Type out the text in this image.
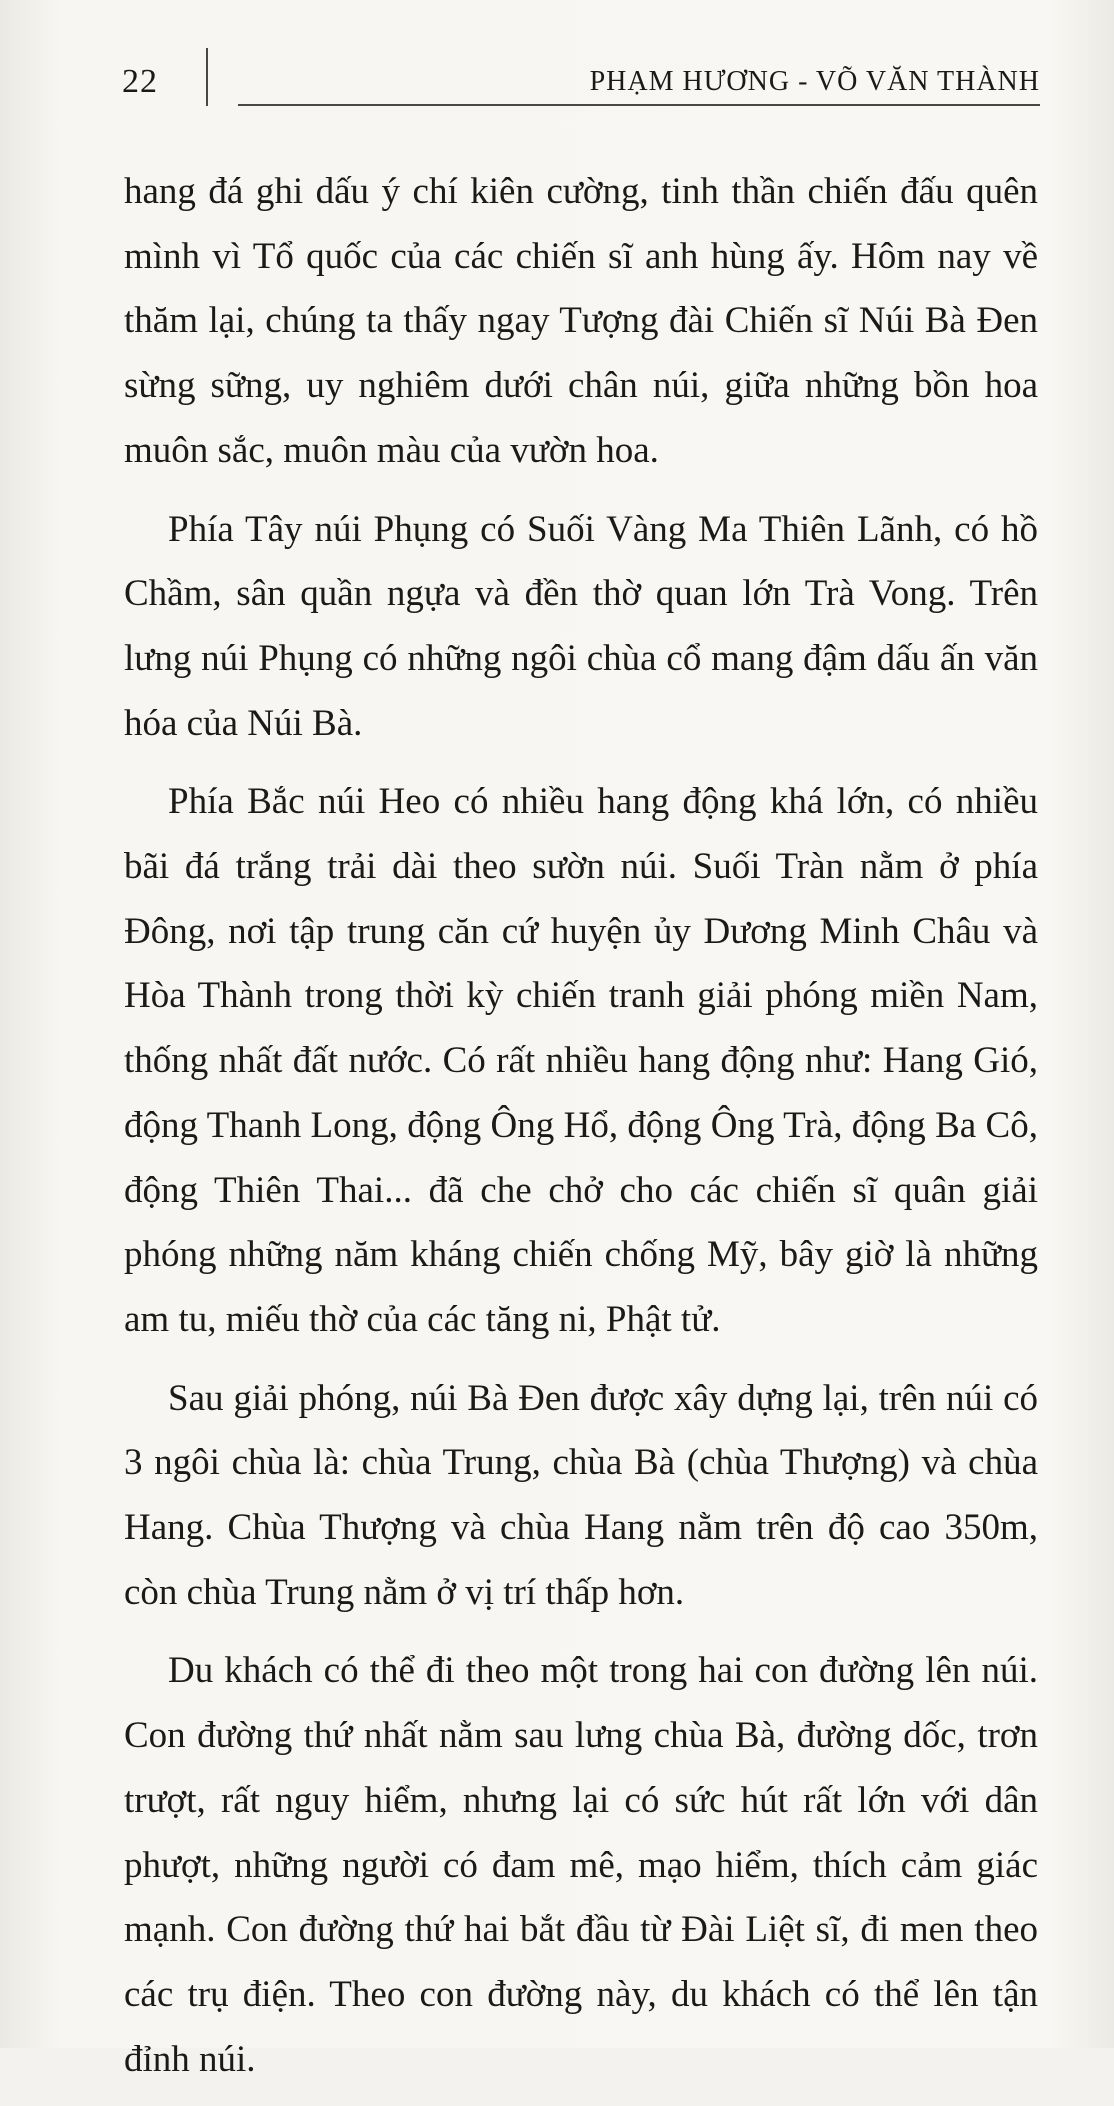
22	PHẠM HƯƠNG - VÕ VĂN THÀNH

hang đá ghi dấu ý chí kiên cường, tinh thần chiến đấu quên mình vì Tổ quốc của các chiến sĩ anh hùng ấy. Hôm nay về thăm lại, chúng ta thấy ngay Tượng đài Chiến sĩ Núi Bà Đen sừng sững, uy nghiêm dưới chân núi, giữa những bồn hoa muôn sắc, muôn màu của vườn hoa.

Phía Tây núi Phụng có Suối Vàng Ma Thiên Lãnh, có hồ Chầm, sân quần ngựa và đền thờ quan lớn Trà Vong. Trên lưng núi Phụng có những ngôi chùa cổ mang đậm dấu ấn văn hóa của Núi Bà.

Phía Bắc núi Heo có nhiều hang động khá lớn, có nhiều bãi đá trắng trải dài theo sườn núi. Suối Tràn nằm ở phía Đông, nơi tập trung căn cứ huyện ủy Dương Minh Châu và Hòa Thành trong thời kỳ chiến tranh giải phóng miền Nam, thống nhất đất nước. Có rất nhiều hang động như: Hang Gió, động Thanh Long, động Ông Hổ, động Ông Trà, động Ba Cô, động Thiên Thai... đã che chở cho các chiến sĩ quân giải phóng những năm kháng chiến chống Mỹ, bây giờ là những am tu, miếu thờ của các tăng ni, Phật tử.

Sau giải phóng, núi Bà Đen được xây dựng lại, trên núi có 3 ngôi chùa là: chùa Trung, chùa Bà (chùa Thượng) và chùa Hang. Chùa Thượng và chùa Hang nằm trên độ cao 350m, còn chùa Trung nằm ở vị trí thấp hơn.

Du khách có thể đi theo một trong hai con đường lên núi. Con đường thứ nhất nằm sau lưng chùa Bà, đường dốc, trơn trượt, rất nguy hiểm, nhưng lại có sức hút rất lớn với dân phượt, những người có đam mê, mạo hiểm, thích cảm giác mạnh. Con đường thứ hai bắt đầu từ Đài Liệt sĩ, đi men theo các trụ điện. Theo con đường này, du khách có thể lên tận đỉnh núi.
